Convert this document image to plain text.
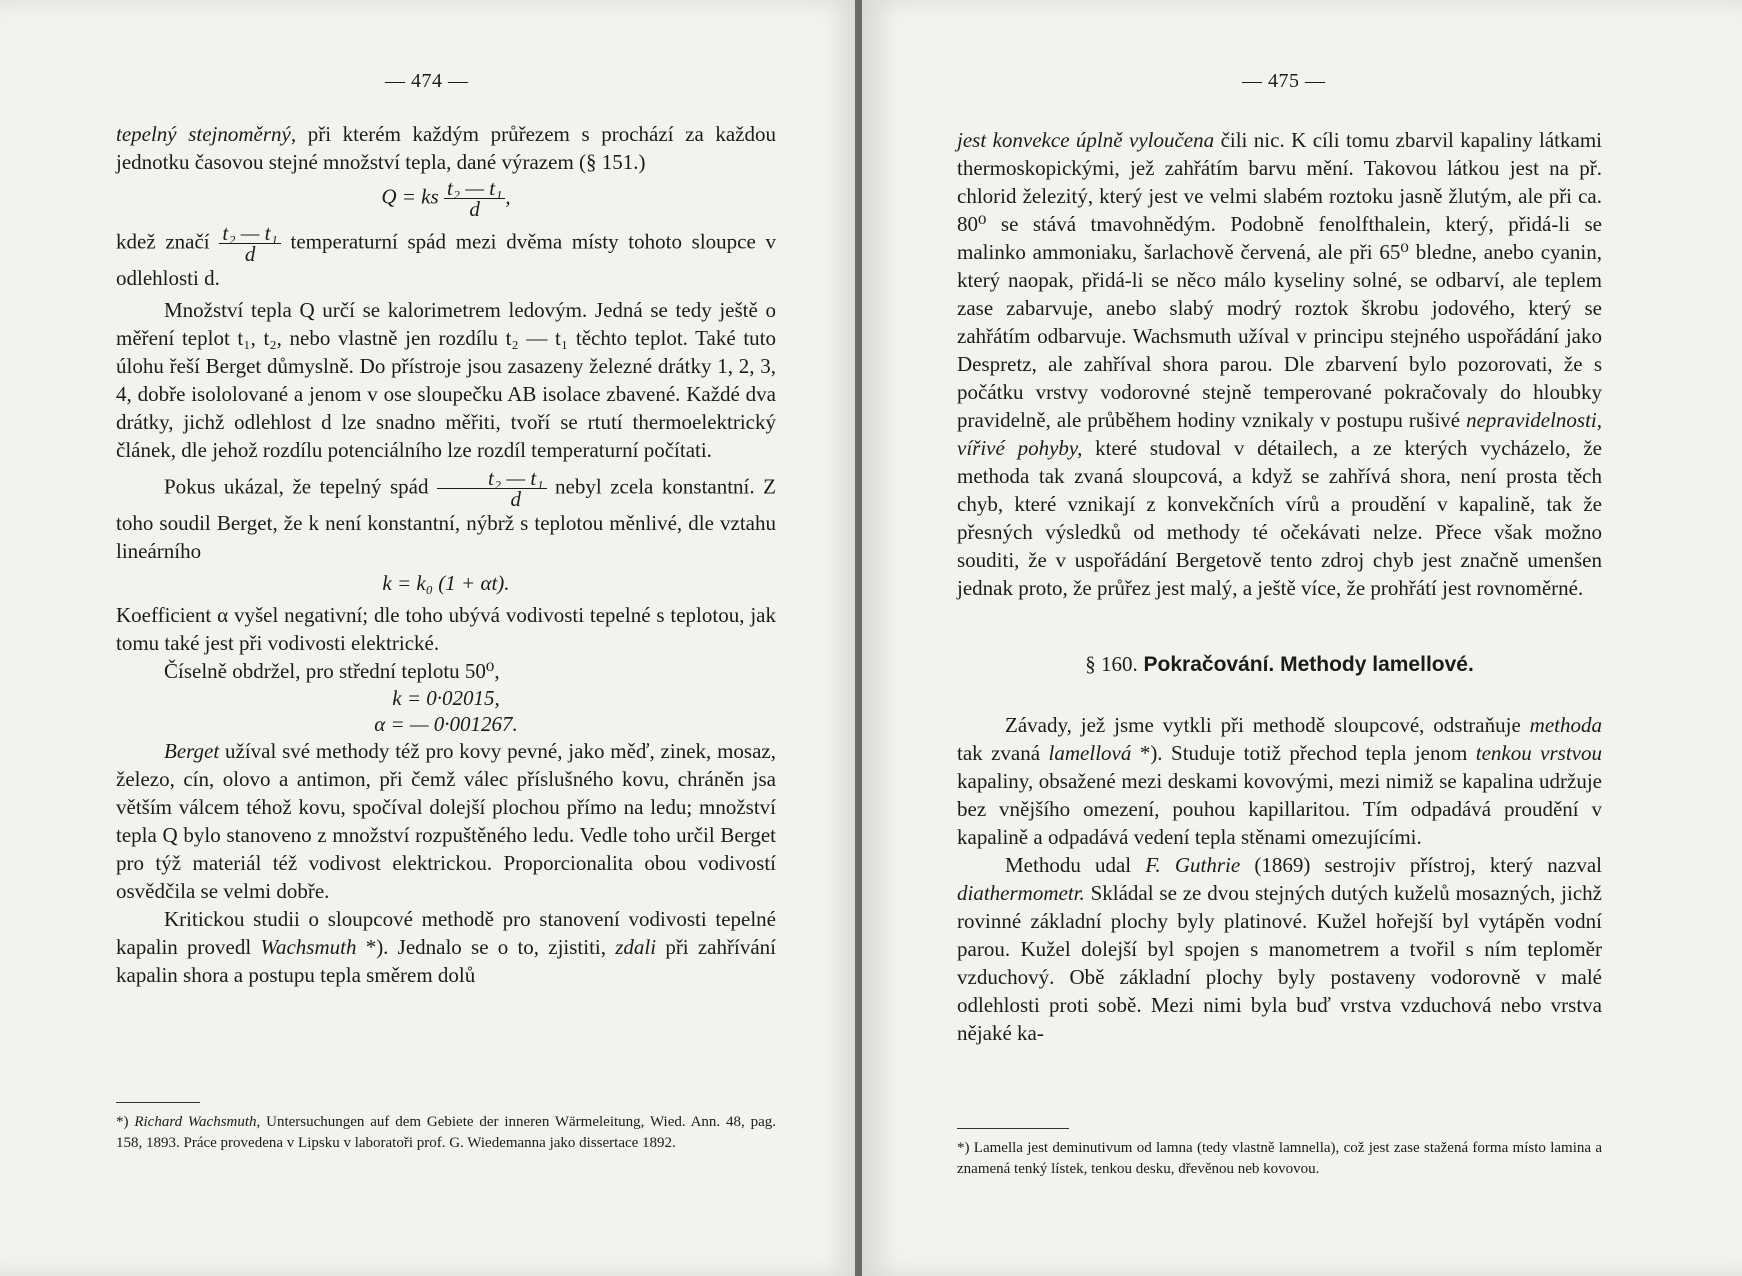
— 474 —

tepelný stejnoměrný, při kterém každým průřezem s prochází za každou jednotku časovou stejné množství tepla, dané výrazem (§ 151.)

Q = ks $\frac{\text{t₂ — t₁}}{d}$ ,

kdež značí $\frac{\text{t₂ — t₁}}{d}$ temperaturní spád mezi dvěma místy tohoto sloupce v odlehlosti d.

Množství tepla Q určí se kalorimetrem ledovým. Jedná se tedy ještě o měření teplot t₁, t₂, nebo vlastně jen rozdílu t₂ — t₁ těchto teplot. Také tuto úlohu řeší Berget důmyslně. Do přístroje jsou zasazeny železné drátky 1, 2, 3, 4, dobře isololované a jenom v ose sloupečku AB isolace zbavené. Každé dva drátky, jichž odlehlost d lze snadno měřiti, tvoří se rtutí thermoelektrický článek, dle jehož rozdílu potenciálního lze rozdíl temperaturní počítati.

Pokus ukázal, že tepelný spád $\frac{\text{t₂ — t₁}}{d}$ nebyl zcela konstantní. Z toho soudil Berget, že k není konstantní, nýbrž s teplotou měnlivé, dle vztahu lineárního

k = k₀ (1 + αt).

Koefficient α vyšel negativní; dle toho ubývá vodivosti tepelné s teplotou, jak tomu také jest při vodivosti elektrické.

Číselně obdržel, pro střední teplotu 50⁰,

k = 0·02015,
α = — 0·001267.

Berget užíval své methody též pro kovy pevné, jako měď, zinek, mosaz, železo, cín, olovo a antimon, při čemž válec příslušného kovu, chráněn jsa větším válcem téhož kovu, spočíval dolejší plochou přímo na ledu; množství tepla Q bylo stanoveno z množství rozpuštěného ledu. Vedle toho určil Berget pro týž materiál též vodivost elektrickou. Proporcionalita obou vodivostí osvědčila se velmi dobře.

Kritickou studii o sloupcové methodě pro stanovení vodivosti tepelné kapalin provedl Wachsmuth *). Jednalo se o to, zjistiti, zdali při zahřívání kapalin shora a postupu tepla směrem dolů

*) Richard Wachsmuth, Untersuchungen auf dem Gebiete der inneren Wärmeleitung, Wied. Ann. 48, pag. 158, 1893. Práce provedena v Lipsku v laboratoři prof. G. Wiedemanna jako dissertace 1892.
— 475 —

jest konvekce úplně vyloučena čili nic. K cíli tomu zbarvil kapaliny látkami thermoskopickými, jež zahřátím barvu mění. Takovou látkou jest na př. chlorid železitý, který jest ve velmi slabém roztoku jasně žlutým, ale při ca. 80⁰ se stává tmavohnědým. Podobně fenolfthalein, který, přidá-li se malinko ammoniaku, šarlachově červená, ale při 65⁰ bledne, anebo cyanin, který naopak, přidá-li se něco málo kyseliny solné, se odbarví, ale teplem zase zabarvuje, anebo slabý modrý roztok škrobu jodového, který se zahřátím odbarvuje. Wachsmuth užíval v principu stejného uspořádání jako Despretz, ale zahříval shora parou. Dle zbarvení bylo pozorovati, že s počátku vrstvy vodorovné stejně temperované pokračovaly do hloubky pravidelně, ale průběhem hodiny vznikaly v postupu rušivé nepravidelnosti, vířivé pohyby, které studoval v détailech, a ze kterých vycházelo, že methoda tak zvaná sloupcová, a když se zahřívá shora, není prosta těch chyb, které vznikají z konvekčních vírů a proudění v kapalině, tak že přesných výsledků od methody té očekávati nelze. Přece však možno souditi, že v uspořádání Bergetově tento zdroj chyb jest značně umenšen jednak proto, že průřez jest malý, a ještě více, že prohřátí jest rovnoměrné.

§ 160. Pokračování. Methody lamellové.

Závady, jež jsme vytkli při methodě sloupcové, odstraňuje methoda tak zvaná lamellová *). Studuje totiž přechod tepla jenom tenkou vrstvou kapaliny, obsažené mezi deskami kovovými, mezi nimiž se kapalina udržuje bez vnějšího omezení, pouhou kapillaritou. Tím odpadává proudění v kapalině a odpadává vedení tepla stěnami omezujícími.

Methodu udal F. Guthrie (1869) sestrojiv přístroj, který nazval diathermometr. Skládal se ze dvou stejných dutých kuželů mosazných, jichž rovinné základní plochy byly platinové. Kužel hořejší byl vytápěn vodní parou. Kužel dolejší byl spojen s manometrem a tvořil s ním teploměr vzduchový. Obě základní plochy byly postaveny vodorovně v malé odlehlosti proti sobě. Mezi nimi byla buď vrstva vzduchová nebo vrstva nějaké ka-

*) Lamella jest deminutivum od lamna (tedy vlastně lamnella), což jest zase stažená forma místo lamina a znamená tenký lístek, tenkou desku, dřevěnou neb kovovou.
